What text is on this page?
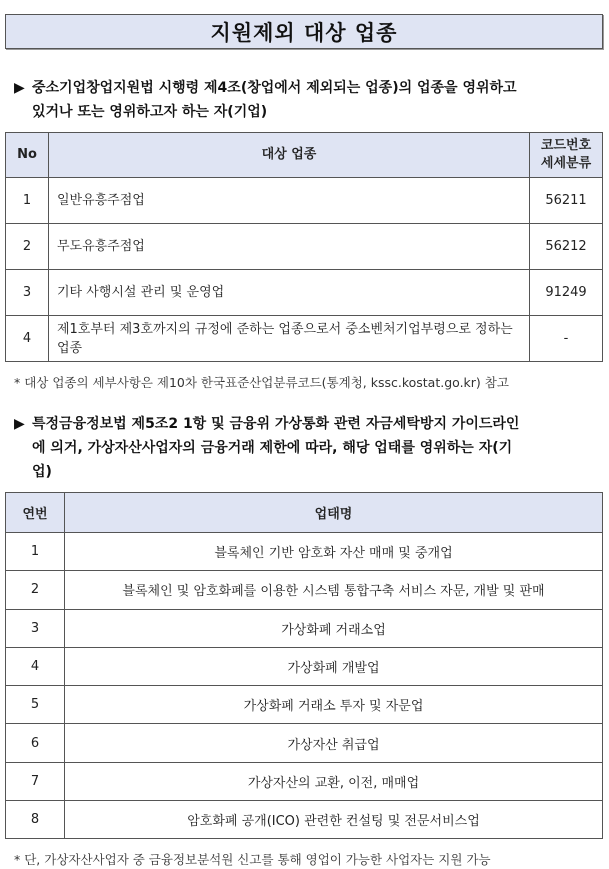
지원제외 대상 업종
▶ 중소기업창업지원법 시행령 제4조(창업에서 제외되는 업종)의 업종을 영위하고
있거나 또는 영위하고자 하는 자(기업)
No	대상 업종	코드번호
세세분류
1	일반유흥주점업	56211
2	무도유흥주점업	56212
3	기타 사행시설 관리 및 운영업	91249
4	제1호부터 제3호까지의 규정에 준하는 업종으로서 중소벤처기업부령으로 정하는 업종	-
* 대상 업종의 세부사항은 제10차 한국표준산업분류코드(통계청, kssc.kostat.go.kr) 참고
▶ 특정금융정보법 제5조2 1항 및 금융위 가상통화 관련 자금세탁방지 가이드라인
에 의거, 가상자산사업자의 금융거래 제한에 따라, 해당 업태를 영위하는 자(기
업)
연번	업태명
1	블록체인 기반 암호화 자산 매매 및 중개업
2	블록체인 및 암호화폐를 이용한 시스템 통합구축 서비스 자문, 개발 및 판매
3	가상화폐 거래소업
4	가상화폐 개발업
5	가상화폐 거래소 투자 및 자문업
6	가상자산 취급업
7	가상자산의 교환, 이전, 매매업
8	암호화폐 공개(ICO) 관련한 컨설팅 및 전문서비스업
* 단, 가상자산사업자 중 금융정보분석원 신고를 통해 영업이 가능한 사업자는 지원 가능
